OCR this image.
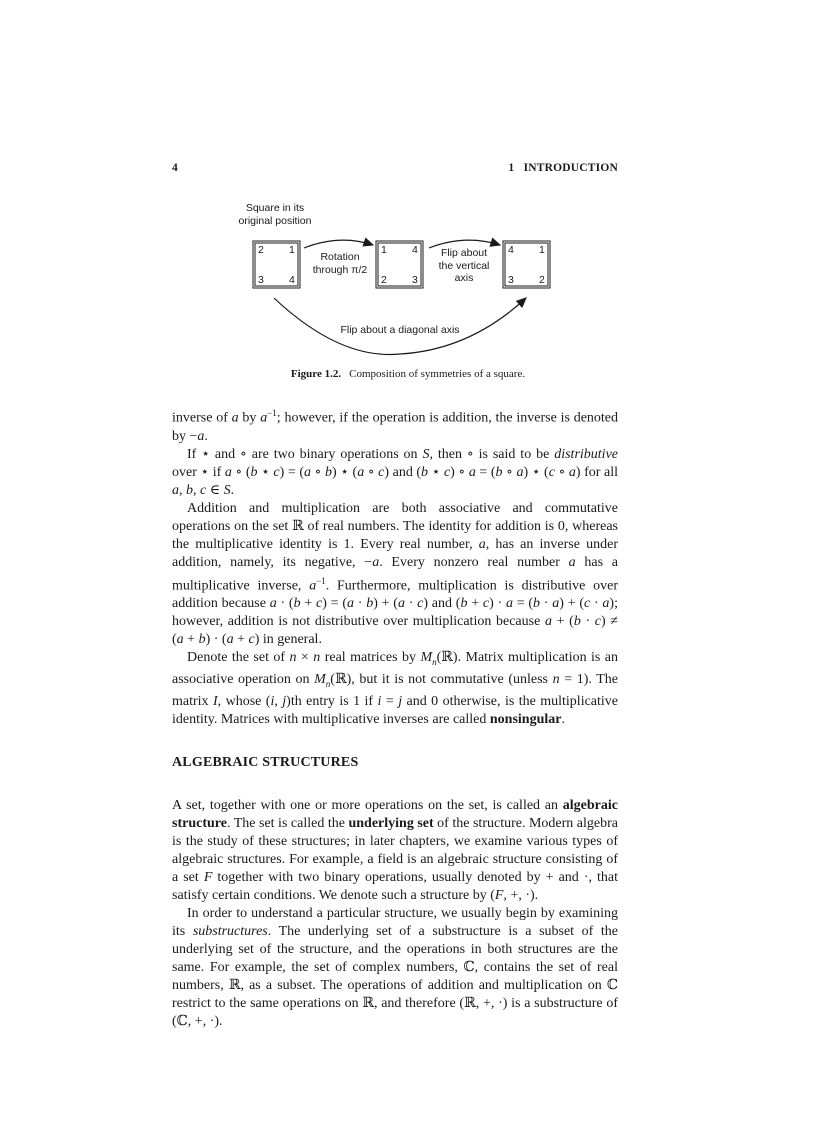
4	1   INTRODUCTION
Square in its
original position
Rotation
through π/2
Flip about
the vertical
axis
Flip about a diagonal axis
2 1
3 4
1 4
2 3
4 1
3 2
Figure 1.2. Composition of symmetries of a square.

inverse of a by $a^{-1}$; however, if the operation is addition, the inverse is denoted by −a.

If ⋆ and ∘ are two binary operations on S, then ∘ is said to be distributive over ⋆ if a ∘ (b ⋆ c) = (a ∘ b) ⋆ (a ∘ c) and (b ⋆ c) ∘ a = (b ∘ a) ⋆ (c ∘ a) for all a, b, c ∈ S.

Addition and multiplication are both associative and commutative operations on the set ℝ of real numbers. The identity for addition is 0, whereas the multiplicative identity is 1. Every real number, a, has an inverse under addition, namely, its negative, −a. Every nonzero real number a has a multiplicative inverse, $a^{-1}$. Furthermore, multiplication is distributive over addition because a · (b + c) = (a · b) + (a · c) and (b + c) · a = (b · a) + (c · a); however, addition is not distributive over multiplication because a + (b · c) ≠ (a + b) · (a + c) in general.

Denote the set of n × n real matrices by $M_n(ℝ)$. Matrix multiplication is an associative operation on $M_n(ℝ)$, but it is not commutative (unless n = 1). The matrix I, whose (i, j)th entry is 1 if i = j and 0 otherwise, is the multiplicative identity. Matrices with multiplicative inverses are called nonsingular.

ALGEBRAIC STRUCTURES

A set, together with one or more operations on the set, is called an algebraic structure. The set is called the underlying set of the structure. Modern algebra is the study of these structures; in later chapters, we examine various types of algebraic structures. For example, a field is an algebraic structure consisting of a set F together with two binary operations, usually denoted by + and ·, that satisfy certain conditions. We denote such a structure by (F, +, ·).

In order to understand a particular structure, we usually begin by examining its substructures. The underlying set of a substructure is a subset of the underlying set of the structure, and the operations in both structures are the same. For example, the set of complex numbers, ℂ, contains the set of real numbers, ℝ, as a subset. The operations of addition and multiplication on ℂ restrict to the same operations on ℝ, and therefore (ℝ, +, ·) is a substructure of (ℂ, +, ·).
